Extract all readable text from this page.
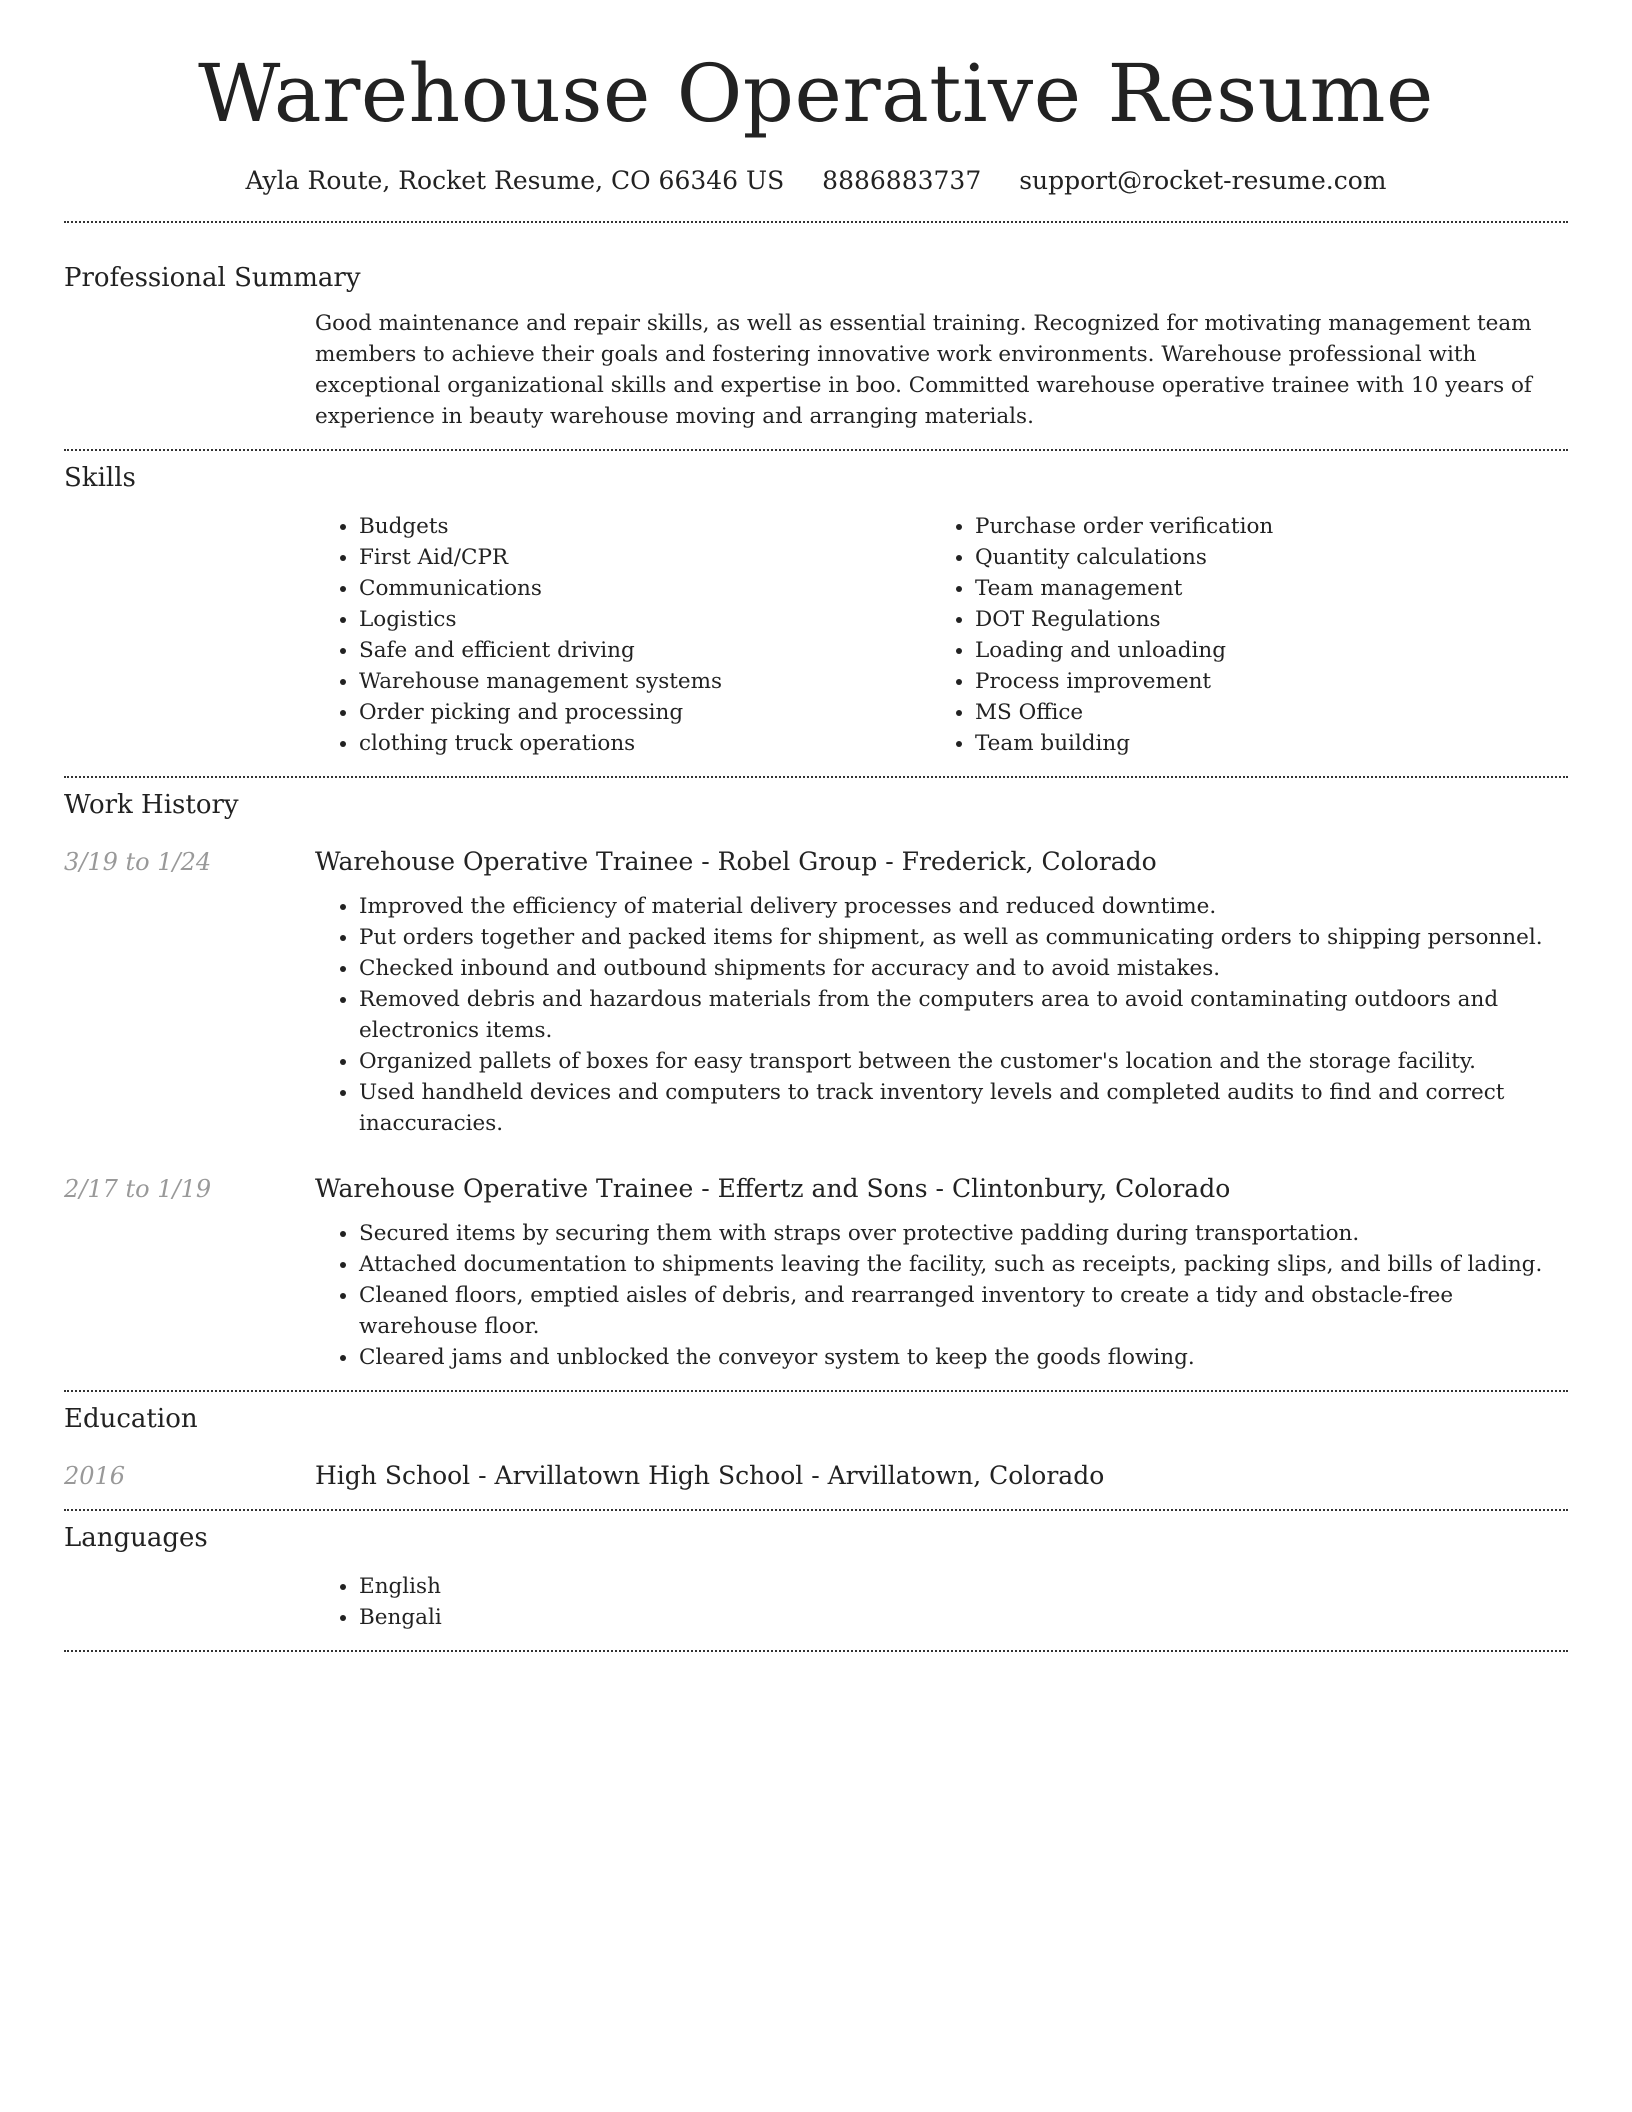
Warehouse Operative Resume
Ayla Route, Rocket Resume, CO 66346 US 8886883737 support@rocket-resume.com
Professional Summary

Good maintenance and repair skills, as well as essential training. Recognized for motivating management team members to achieve their goals and fostering innovative work environments. Warehouse professional with exceptional organizational skills and expertise in boo. Committed warehouse operative trainee with 10 years of experience in beauty warehouse moving and arranging materials.

Skills
• Budgets
• First Aid/CPR
• Communications
• Logistics
• Safe and efficient driving
• Warehouse management systems
• Order picking and processing
• clothing truck operations
• Purchase order verification
• Quantity calculations
• Team management
• DOT Regulations
• Loading and unloading
• Process improvement
• MS Office
• Team building
Work History
3/19 to 1/24	Warehouse Operative Trainee - Robel Group - Frederick, Colorado
• Improved the efficiency of material delivery processes and reduced downtime.
• Put orders together and packed items for shipment, as well as communicating orders to shipping personnel.
• Checked inbound and outbound shipments for accuracy and to avoid mistakes.
• Removed debris and hazardous materials from the computers area to avoid contaminating outdoors and electronics items.
• Organized pallets of boxes for easy transport between the customer's location and the storage facility.
• Used handheld devices and computers to track inventory levels and completed audits to find and correct inaccuracies.
2/17 to 1/19	Warehouse Operative Trainee - Effertz and Sons - Clintonbury, Colorado
• Secured items by securing them with straps over protective padding during transportation.
• Attached documentation to shipments leaving the facility, such as receipts, packing slips, and bills of lading.
• Cleaned floors, emptied aisles of debris, and rearranged inventory to create a tidy and obstacle-free warehouse floor.
• Cleared jams and unblocked the conveyor system to keep the goods flowing.
Education
2016	High School - Arvillatown High School - Arvillatown, Colorado
Languages
• English
• Bengali
